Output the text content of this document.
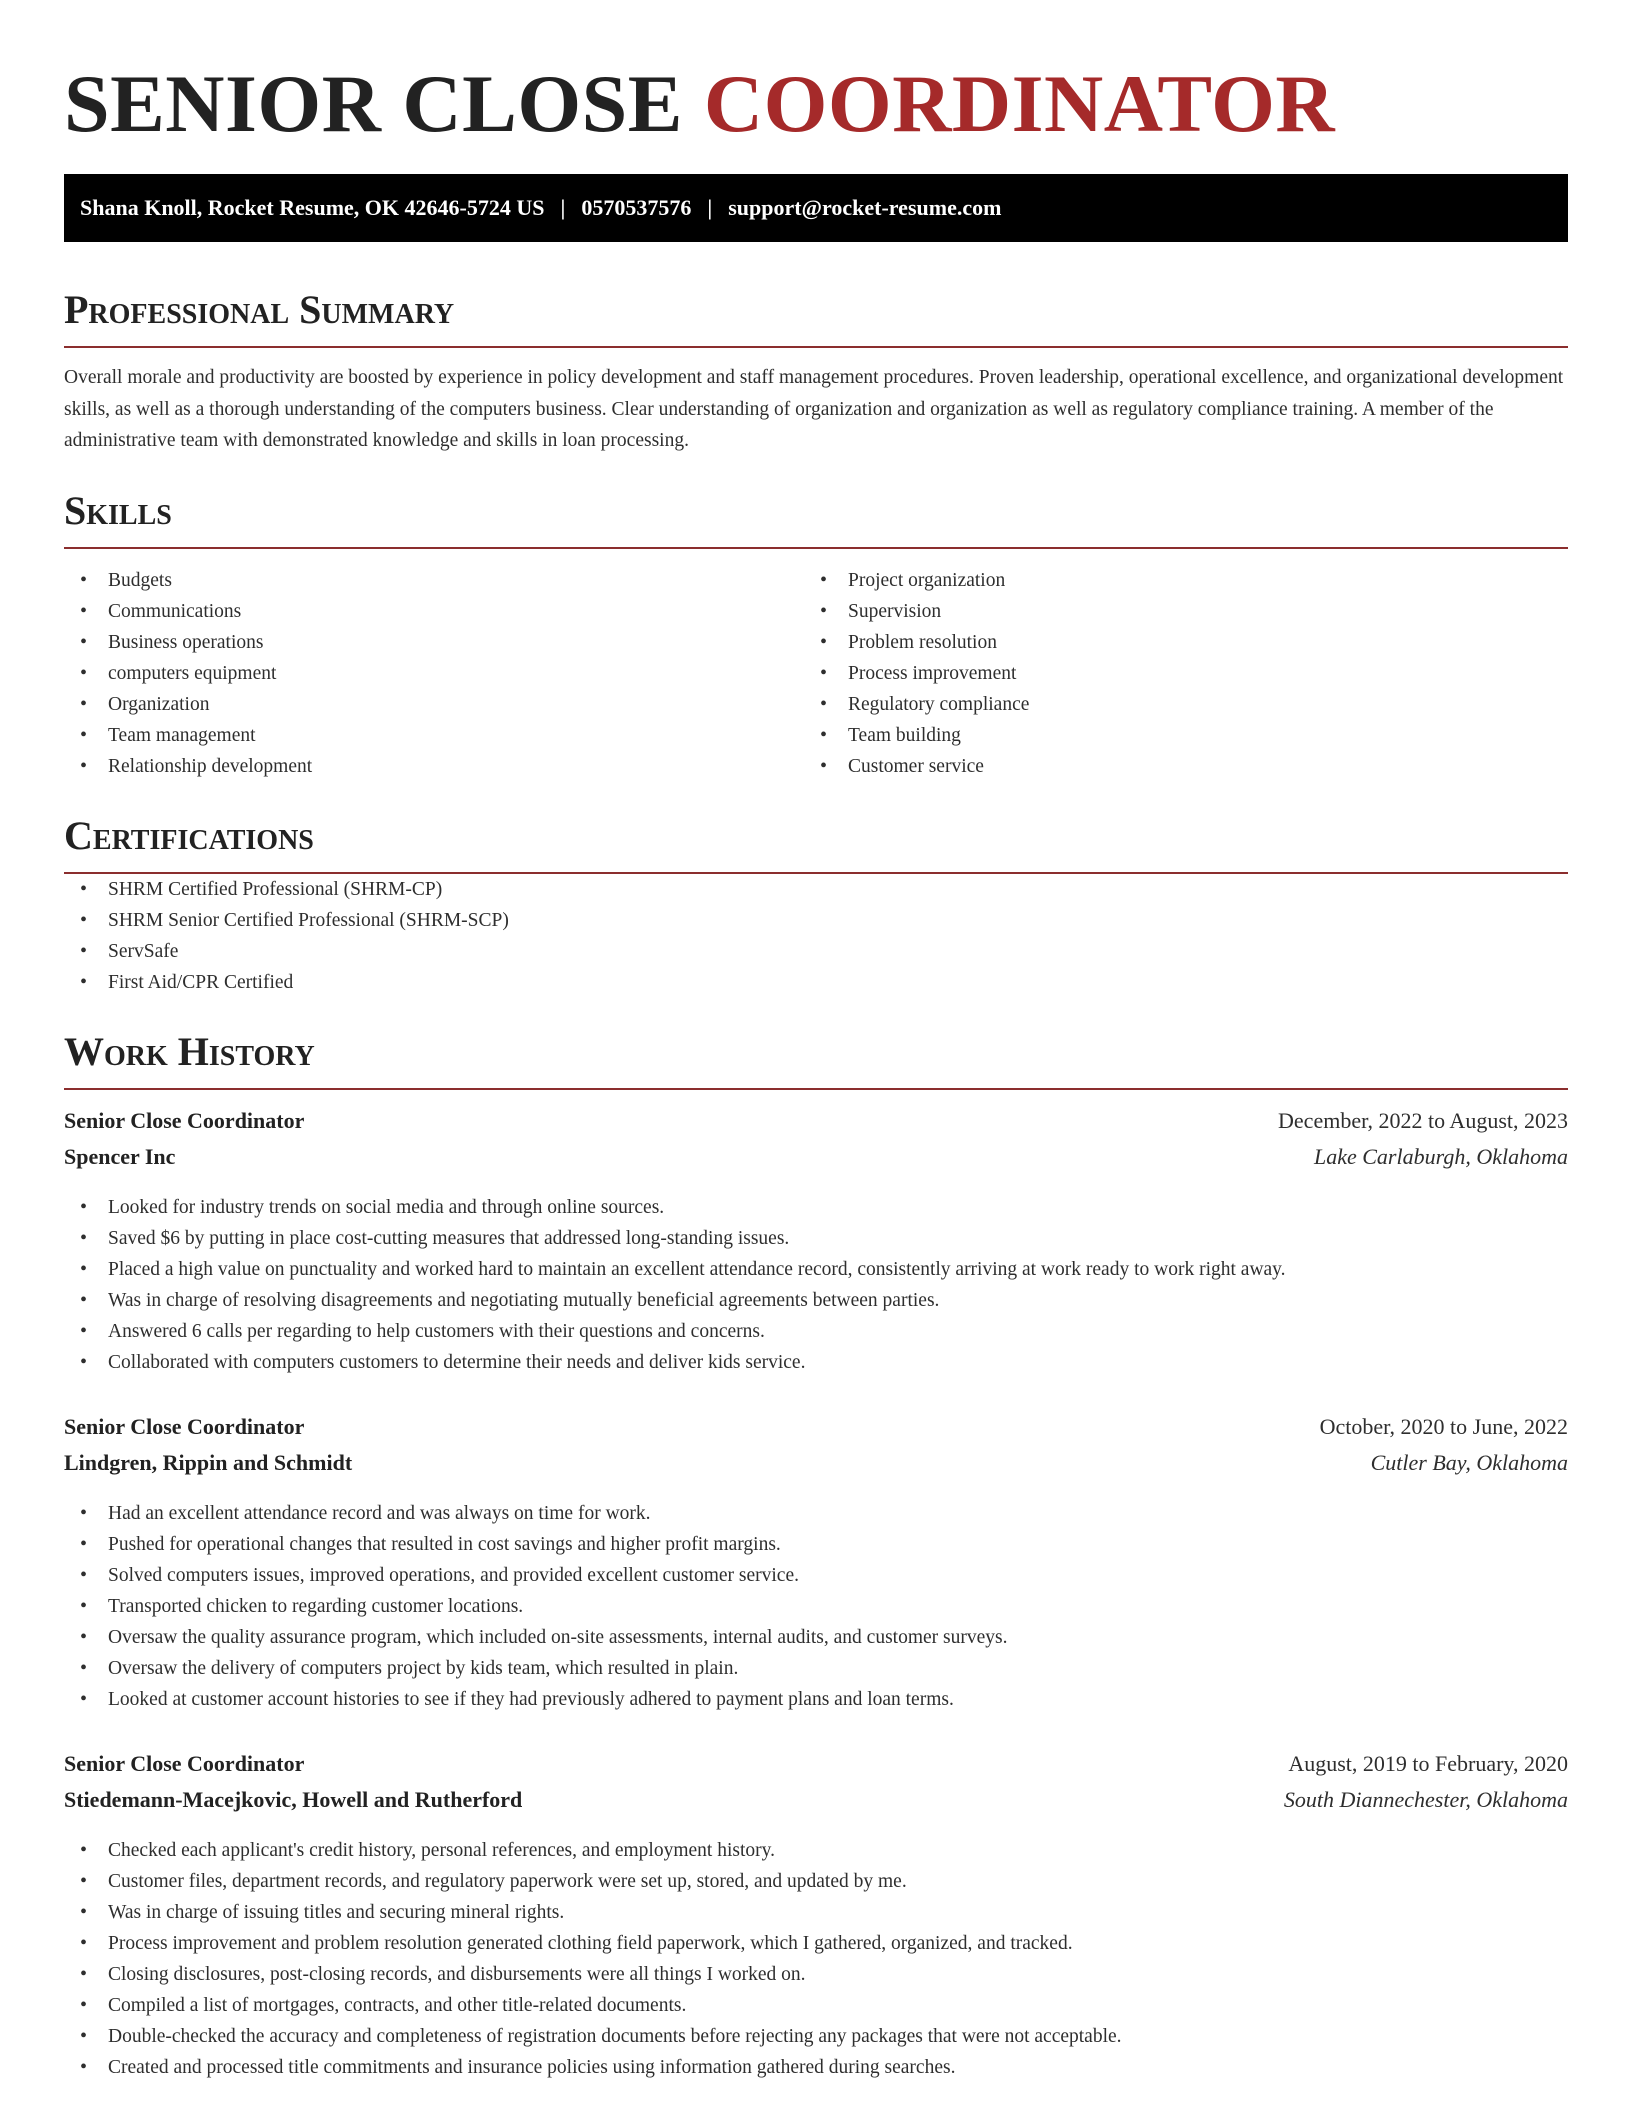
SENIOR CLOSE COORDINATOR
Shana Knoll, Rocket Resume, OK 42646-5724 US | 0570537576 | support@rocket-resume.com
Professional Summary

Overall morale and productivity are boosted by experience in policy development and staff management procedures. Proven leadership, operational excellence, and organizational development skills, as well as a thorough understanding of the computers business. Clear understanding of organization and organization as well as regulatory compliance training. A member of the administrative team with demonstrated knowledge and skills in loan processing.

Skills
• Budgets
• Communications
• Business operations
• computers equipment
• Organization
• Team management
• Relationship development
• Project organization
• Supervision
• Problem resolution
• Process improvement
• Regulatory compliance
• Team building
• Customer service
Certifications
• SHRM Certified Professional (SHRM-CP)
• SHRM Senior Certified Professional (SHRM-SCP)
• ServSafe
• First Aid/CPR Certified
Work History
Senior Close Coordinator	December, 2022 to August, 2023
Spencer Inc	Lake Carlaburgh, Oklahoma
• Looked for industry trends on social media and through online sources.
• Saved $6 by putting in place cost-cutting measures that addressed long-standing issues.
• Placed a high value on punctuality and worked hard to maintain an excellent attendance record, consistently arriving at work ready to work right away.
• Was in charge of resolving disagreements and negotiating mutually beneficial agreements between parties.
• Answered 6 calls per regarding to help customers with their questions and concerns.
• Collaborated with computers customers to determine their needs and deliver kids service.
Senior Close Coordinator	October, 2020 to June, 2022
Lindgren, Rippin and Schmidt	Cutler Bay, Oklahoma
• Had an excellent attendance record and was always on time for work.
• Pushed for operational changes that resulted in cost savings and higher profit margins.
• Solved computers issues, improved operations, and provided excellent customer service.
• Transported chicken to regarding customer locations.
• Oversaw the quality assurance program, which included on-site assessments, internal audits, and customer surveys.
• Oversaw the delivery of computers project by kids team, which resulted in plain.
• Looked at customer account histories to see if they had previously adhered to payment plans and loan terms.
Senior Close Coordinator	August, 2019 to February, 2020
Stiedemann-Macejkovic, Howell and Rutherford	South Diannechester, Oklahoma
• Checked each applicant's credit history, personal references, and employment history.
• Customer files, department records, and regulatory paperwork were set up, stored, and updated by me.
• Was in charge of issuing titles and securing mineral rights.
• Process improvement and problem resolution generated clothing field paperwork, which I gathered, organized, and tracked.
• Closing disclosures, post-closing records, and disbursements were all things I worked on.
• Compiled a list of mortgages, contracts, and other title-related documents.
• Double-checked the accuracy and completeness of registration documents before rejecting any packages that were not acceptable.
• Created and processed title commitments and insurance policies using information gathered during searches.
